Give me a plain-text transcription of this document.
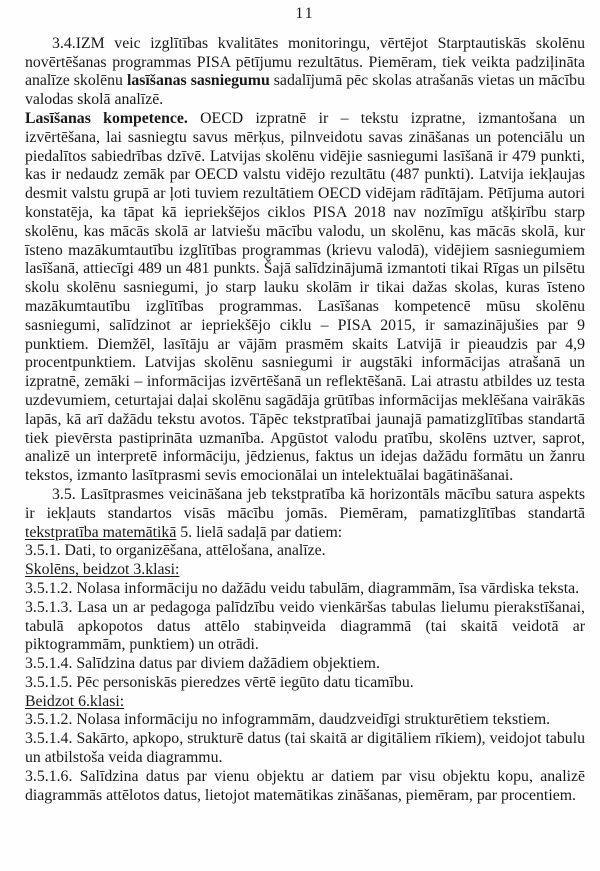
11

3.4.IZM veic izglītības kvalitātes monitoringu, vērtējot Starptautiskās skolēnu novērtēšanas programmas PISA pētījumu rezultātus. Piemēram, tiek veikta padziļināta analīze skolēnu lasīšanas sasniegumu sadalījumā pēc skolas atrašanās vietas un mācību valodas skolā analīzē.

Lasīšanas kompetence. OECD izpratnē ir – tekstu izpratne, izmantošana un izvērtēšana, lai sasniegtu savus mērķus, pilnveidotu savas zināšanas un potenciālu un piedalītos sabiedrības dzīvē. Latvijas skolēnu vidējie sasniegumi lasīšanā ir 479 punkti, kas ir nedaudz zemāk par OECD valstu vidējo rezultātu (487 punkti). Latvija iekļaujas desmit valstu grupā ar ļoti tuviem rezultātiem OECD vidējam rādītājam. Pētījuma autori konstatēja, ka tāpat kā iepriekšējos ciklos PISA 2018 nav nozīmīgu atšķirību starp skolēnu, kas mācās skolā ar latviešu mācību valodu, un skolēnu, kas mācās skolā, kur īsteno mazākumtautību izglītības programmas (krievu valodā), vidējiem sasniegumiem lasīšanā, attiecīgi 489 un 481 punkts. Šajā salīdzinājumā izmantoti tikai Rīgas un pilsētu skolu skolēnu sasniegumi, jo starp lauku skolām ir tikai dažas skolas, kuras īsteno mazākumtautību izglītības programmas. Lasīšanas kompetencē mūsu skolēnu sasniegumi, salīdzinot ar iepriekšējo ciklu – PISA 2015, ir samazinājušies par 9 punktiem. Diemžēl, lasītāju ar vājām prasmēm skaits Latvijā ir pieaudzis par 4,9 procentpunktiem. Latvijas skolēnu sasniegumi ir augstāki informācijas atrašanā un izpratnē, zemāki – informācijas izvērtēšanā un reflektēšanā. Lai atrastu atbildes uz testa uzdevumiem, ceturtajai daļai skolēnu sagādāja grūtības informācijas meklēšana vairākās lapās, kā arī dažādu tekstu avotos. Tāpēc tekstpratībai jaunajā pamatizglītības standartā tiek pievērsta pastiprināta uzmanība. Apgūstot valodu pratību, skolēns uztver, saprot, analizē un interpretē informāciju, jēdzienus, faktus un idejas dažādu formātu un žanru tekstos, izmanto lasītprasmi sevis emocionālai un intelektuālai bagātināšanai.

3.5. Lasītprasmes veicināšana jeb tekstpratība kā horizontāls mācību satura aspekts ir iekļauts standartos visās mācību jomās. Piemēram, pamatizglītības standartā tekstpratība matemātikā 5. lielā sadaļā par datiem:

3.5.1. Dati, to organizēšana, attēlošana, analīze.

Skolēns, beidzot 3.klasi:

3.5.1.2. Nolasa informāciju no dažādu veidu tabulām, diagrammām, īsa vārdiska teksta.

3.5.1.3. Lasa un ar pedagoga palīdzību veido vienkāršas tabulas lielumu pierakstīšanai, tabulā apkopotos datus attēlo stabiņveida diagrammā (tai skaitā veidotā ar piktogrammām, punktiem) un otrādi.

3.5.1.4. Salīdzina datus par diviem dažādiem objektiem.

3.5.1.5. Pēc personiskās pieredzes vērtē iegūto datu ticamību.

Beidzot 6.klasi:

3.5.1.2. Nolasa informāciju no infogrammām, daudzveidīgi strukturētiem tekstiem.

3.5.1.4. Sakārto, apkopo, strukturē datus (tai skaitā ar digitāliem rīkiem), veidojot tabulu un atbilstoša veida diagrammu.

3.5.1.6. Salīdzina datus par vienu objektu ar datiem par visu objektu kopu, analizē diagrammās attēlotos datus, lietojot matemātikas zināšanas, piemēram, par procentiem.
